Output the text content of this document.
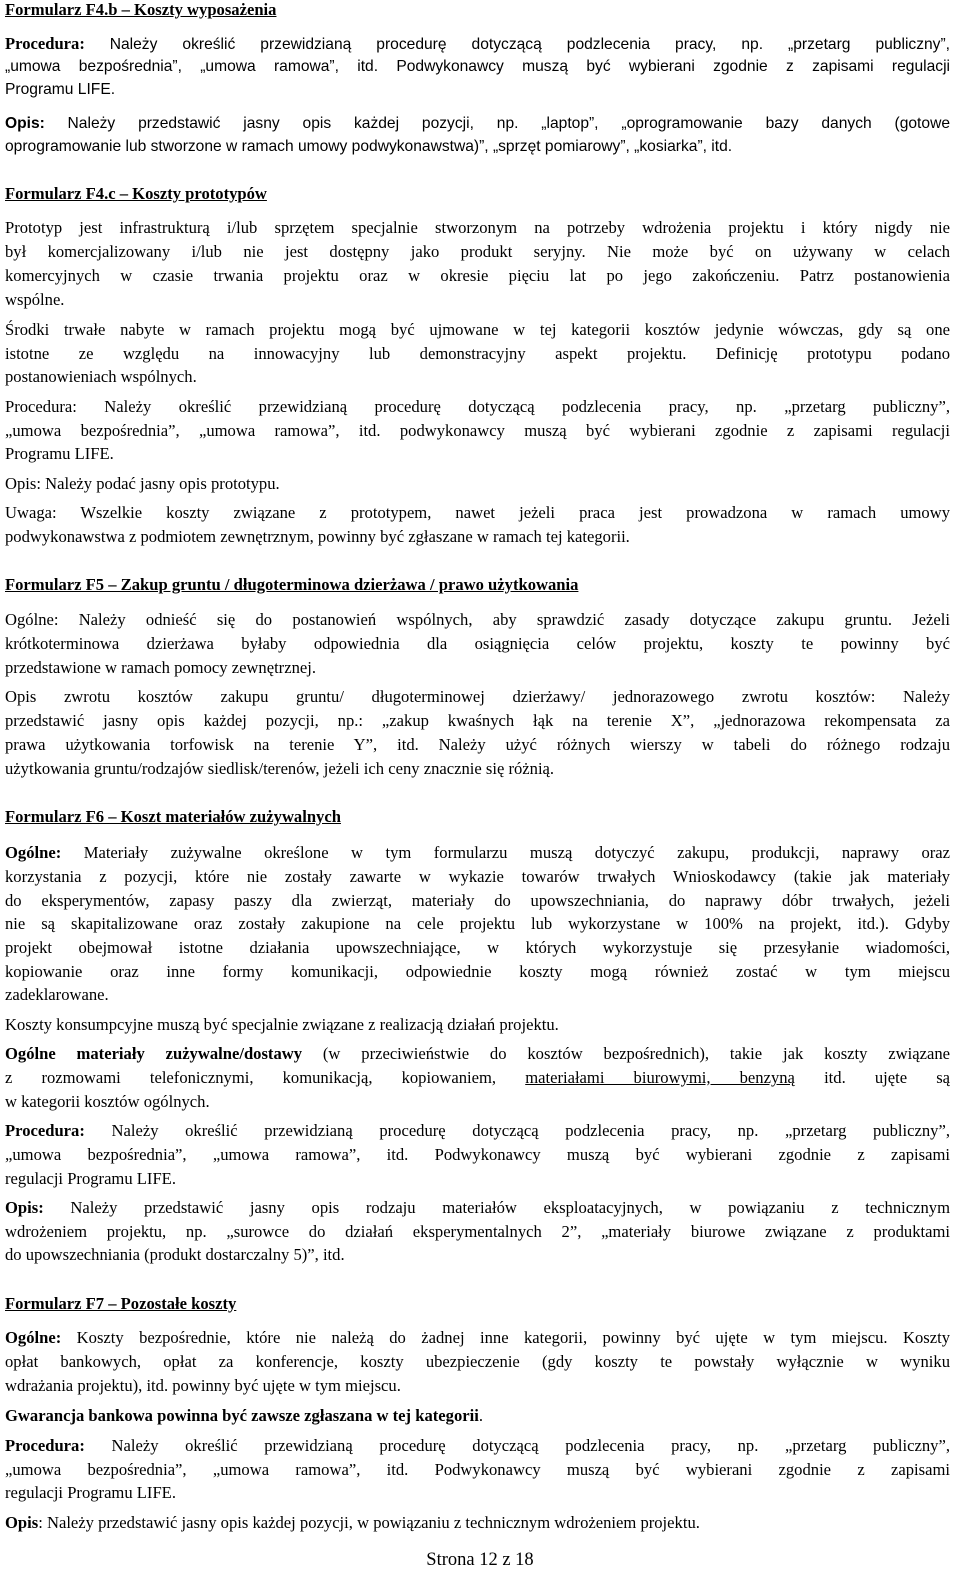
Formularz F4.b – Koszty wyposażenia
Procedura: Należy określić przewidzianą procedurę dotyczącą podzlecenia pracy, np. „przetarg publiczny”,
„umowa bezpośrednia”, „umowa ramowa”, itd. Podwykonawcy muszą być wybierani zgodnie z zapisami regulacji
Programu LIFE.
Opis: Należy przedstawić jasny opis każdej pozycji, np. „laptop”, „oprogramowanie bazy danych (gotowe
oprogramowanie lub stworzone w ramach umowy podwykonawstwa)”, „sprzęt pomiarowy”, „kosiarka”, itd.
Formularz F4.c – Koszty prototypów
Prototyp jest infrastrukturą i/lub sprzętem specjalnie stworzonym na potrzeby wdrożenia projektu i który nigdy nie
był komercjalizowany i/lub nie jest dostępny jako produkt seryjny. Nie może być on używany w celach
komercyjnych w czasie trwania projektu oraz w okresie pięciu lat po jego zakończeniu. Patrz postanowienia
wspólne.
Środki trwałe nabyte w ramach projektu mogą być ujmowane w tej kategorii kosztów jedynie wówczas, gdy są one
istotne ze względu na innowacyjny lub demonstracyjny aspekt projektu. Definicję prototypu podano
postanowieniach wspólnych.
Procedura: Należy określić przewidzianą procedurę dotyczącą podzlecenia pracy, np. „przetarg publiczny”,
„umowa bezpośrednia”, „umowa ramowa”, itd. podwykonawcy muszą być wybierani zgodnie z zapisami regulacji
Programu LIFE.
Opis: Należy podać jasny opis prototypu.
Uwaga: Wszelkie koszty związane z prototypem, nawet jeżeli praca jest prowadzona w ramach umowy
podwykonawstwa z podmiotem zewnętrznym, powinny być zgłaszane w ramach tej kategorii.
Formularz F5 – Zakup gruntu / długoterminowa dzierżawa / prawo użytkowania
Ogólne: Należy odnieść się do postanowień wspólnych, aby sprawdzić zasady dotyczące zakupu gruntu. Jeżeli
krótkoterminowa dzierżawa byłaby odpowiednia dla osiągnięcia celów projektu, koszty te powinny być
przedstawione w ramach pomocy zewnętrznej.
Opis zwrotu kosztów zakupu gruntu/ długoterminowej dzierżawy/ jednorazowego zwrotu kosztów: Należy
przedstawić jasny opis każdej pozycji, np.: „zakup kwaśnych łąk na terenie X”, „jednorazowa rekompensata za
prawa użytkowania torfowisk na terenie Y”, itd. Należy użyć różnych wierszy w tabeli do różnego rodzaju
użytkowania gruntu/rodzajów siedlisk/terenów, jeżeli ich ceny znacznie się różnią.
Formularz F6 – Koszt materiałów zużywalnych
Ogólne: Materiały zużywalne określone w tym formularzu muszą dotyczyć zakupu, produkcji, naprawy oraz
korzystania z pozycji, które nie zostały zawarte w wykazie towarów trwałych Wnioskodawcy (takie jak materiały
do eksperymentów, zapasy paszy dla zwierząt, materiały do upowszechniania, do naprawy dóbr trwałych, jeżeli
nie są skapitalizowane oraz zostały zakupione na cele projektu lub wykorzystane w 100% na projekt, itd.). Gdyby
projekt obejmował istotne działania upowszechniające, w których wykorzystuje się przesyłanie wiadomości,
kopiowanie oraz inne formy komunikacji, odpowiednie koszty mogą również zostać w tym miejscu
zadeklarowane.
Koszty konsumpcyjne muszą być specjalnie związane z realizacją działań projektu.
Ogólne materiały zużywalne/dostawy (w przeciwieństwie do kosztów bezpośrednich), takie jak koszty związane
z rozmowami telefonicznymi, komunikacją, kopiowaniem, materiałami biurowymi, benzyną itd. ujęte są
w kategorii kosztów ogólnych.
Procedura: Należy określić przewidzianą procedurę dotyczącą podzlecenia pracy, np. „przetarg publiczny”,
„umowa bezpośrednia”, „umowa ramowa”, itd. Podwykonawcy muszą być wybierani zgodnie z zapisami
regulacji Programu LIFE.
Opis: Należy przedstawić jasny opis rodzaju materiałów eksploatacyjnych, w powiązaniu z technicznym
wdrożeniem projektu, np. „surowce do działań eksperymentalnych 2”, „materiały biurowe związane z produktami
do upowszechniania (produkt dostarczalny 5)”, itd.
Formularz F7 – Pozostałe koszty
Ogólne: Koszty bezpośrednie, które nie należą do żadnej inne kategorii, powinny być ujęte w tym miejscu. Koszty
opłat bankowych, opłat za konferencje, koszty ubezpieczenie (gdy koszty te powstały wyłącznie w wyniku
wdrażania projektu), itd. powinny być ujęte w tym miejscu.
Gwarancja bankowa powinna być zawsze zgłaszana w tej kategorii.
Procedura: Należy określić przewidzianą procedurę dotyczącą podzlecenia pracy, np. „przetarg publiczny”,
„umowa bezpośrednia”, „umowa ramowa”, itd. Podwykonawcy muszą być wybierani zgodnie z zapisami
regulacji Programu LIFE.
Opis: Należy przedstawić jasny opis każdej pozycji, w powiązaniu z technicznym wdrożeniem projektu.
Strona 12 z 18
